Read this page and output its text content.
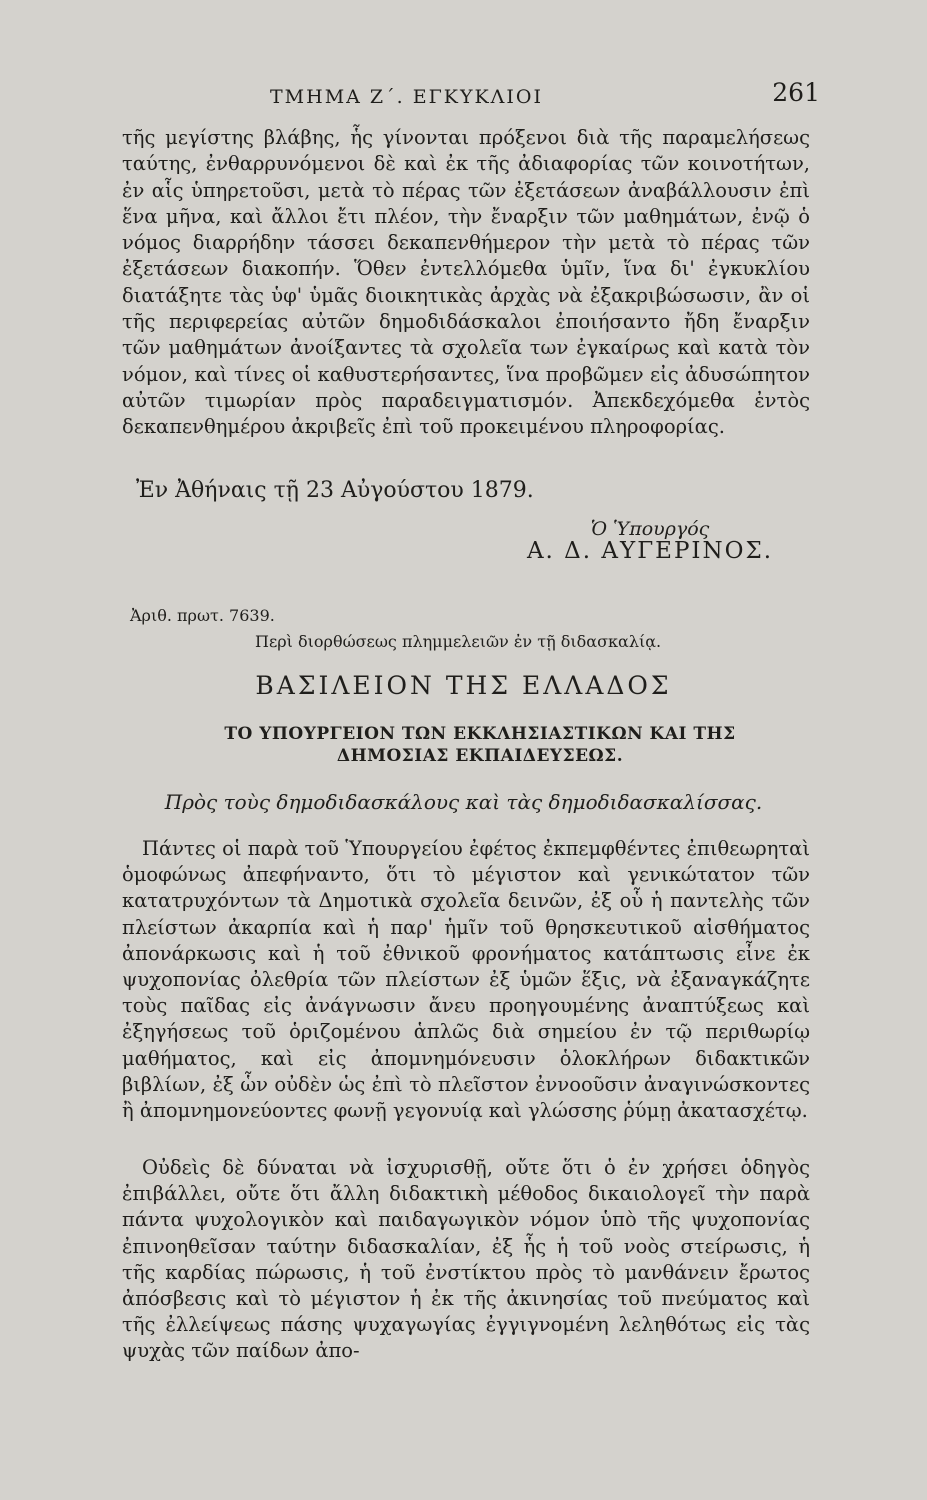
ΤΜΗΜΑ Ζ΄. ΕΓΚΥΚΛΙΟΙ	261

τῆς μεγίστης βλάβης, ἧς γίνονται πρόξενοι διὰ τῆς παραμελήσεως ταύτης, ἐνθαρρυνόμενοι δὲ καὶ ἐκ τῆς ἀδιαφορίας τῶν κοινοτήτων, ἐν αἷς ὑπηρετοῦσι, μετὰ τὸ πέρας τῶν ἐξετάσεων ἀναβάλλουσιν ἐπὶ ἕνα μῆνα, καὶ ἄλλοι ἔτι πλέον, τὴν ἔναρξιν τῶν μαθημάτων, ἐνῷ ὁ νόμος διαρρήδην τάσσει δεκαπενθήμερον τὴν μετὰ τὸ πέρας τῶν ἐξετάσεων διακοπήν. Ὅθεν ἐντελλόμεθα ὑμῖν, ἵνα δι' ἐγκυκλίου διατάξητε τὰς ὑφ' ὑμᾶς διοικητικὰς ἀρχὰς νὰ ἐξακριβώσωσιν, ἂν οἱ τῆς περιφερείας αὐτῶν δημοδιδάσκαλοι ἐποιήσαντο ἤδη ἔναρξιν τῶν μαθημάτων ἀνοίξαντες τὰ σχολεῖα των ἐγκαίρως καὶ κατὰ τὸν νόμον, καὶ τίνες οἱ καθυστερήσαντες, ἵνα προβῶμεν εἰς ἀδυσώπητον αὐτῶν τιμωρίαν πρὸς παραδειγματισμόν. Ἀπεκδεχόμεθα ἐντὸς δεκαπενθημέρου ἀκριβεῖς ἐπὶ τοῦ προκειμένου πληροφορίας.

Ἐν Ἀθήναις τῇ 23 Αὐγούστου 1879.
Ὁ Ὑπουργός
Α. Δ. ΑΥΓΕΡΙΝΟΣ.
Ἀριθ. πρωτ. 7639.
Περὶ διορθώσεως πλημμελειῶν ἐν τῇ διδασκαλίᾳ.
ΒΑΣΙΛΕΙΟΝ ΤΗΣ ΕΛΛΑΔΟΣ
ΤΟ ΥΠΟΥΡΓΕΙΟΝ ΤΩΝ ΕΚΚΛΗΣΙΑΣΤΙΚΩΝ ΚΑΙ ΤΗΣ
ΔΗΜΟΣΙΑΣ ΕΚΠΑΙΔΕΥΣΕΩΣ.
Πρὸς τοὺς δημοδιδασκάλους καὶ τὰς δημοδιδασκαλίσσας.

Πάντες οἱ παρὰ τοῦ Ὑπουργείου ἐφέτος ἐκπεμφθέντες ἐπιθεωρηταὶ ὁμοφώνως ἀπεφήναντο, ὅτι τὸ μέγιστον καὶ γενικώτατον τῶν κατατρυχόντων τὰ Δημοτικὰ σχολεῖα δεινῶν, ἐξ οὗ ἡ παντελὴς τῶν πλείστων ἀκαρπία καὶ ἡ παρ' ἡμῖν τοῦ θρησκευτικοῦ αἰσθήματος ἀπονάρκωσις καὶ ἡ τοῦ ἐθνικοῦ φρονήματος κατάπτωσις εἶνε ἐκ ψυχοπονίας ὀλεθρία τῶν πλείστων ἐξ ὑμῶν ἕξις, νὰ ἐξαναγκάζητε τοὺς παῖδας εἰς ἀνάγνωσιν ἄνευ προηγουμένης ἀναπτύξεως καὶ ἐξηγήσεως τοῦ ὁριζομένου ἁπλῶς διὰ σημείου ἐν τῷ περιθωρίῳ μαθήματος, καὶ εἰς ἀπομνημόνευσιν ὁλοκλήρων διδακτικῶν βιβλίων, ἐξ ὧν οὐδὲν ὡς ἐπὶ τὸ πλεῖστον ἐννοοῦσιν ἀναγινώσκοντες ἢ ἀπομνημονεύοντες φωνῇ γεγονυίᾳ καὶ γλώσσης ῥύμῃ ἀκατασχέτῳ.

Οὐδεὶς δὲ δύναται νὰ ἰσχυρισθῇ, οὔτε ὅτι ὁ ἐν χρήσει ὁδηγὸς ἐπιβάλλει, οὔτε ὅτι ἄλλη διδακτικὴ μέθοδος δικαιολογεῖ τὴν παρὰ πάντα ψυχολογικὸν καὶ παιδαγωγικὸν νόμον ὑπὸ τῆς ψυχοπονίας ἐπινοηθεῖσαν ταύτην διδασκαλίαν, ἐξ ἧς ἡ τοῦ νοὸς στείρωσις, ἡ τῆς καρδίας πώρωσις, ἡ τοῦ ἐνστίκτου πρὸς τὸ μανθάνειν ἔρωτος ἀπόσβεσις καὶ τὸ μέγιστον ἡ ἐκ τῆς ἀκινησίας τοῦ πνεύματος καὶ τῆς ἐλλείψεως πάσης ψυχαγωγίας ἐγγιγνομένη λεληθότως εἰς τὰς ψυχὰς τῶν παίδων ἀπο-
